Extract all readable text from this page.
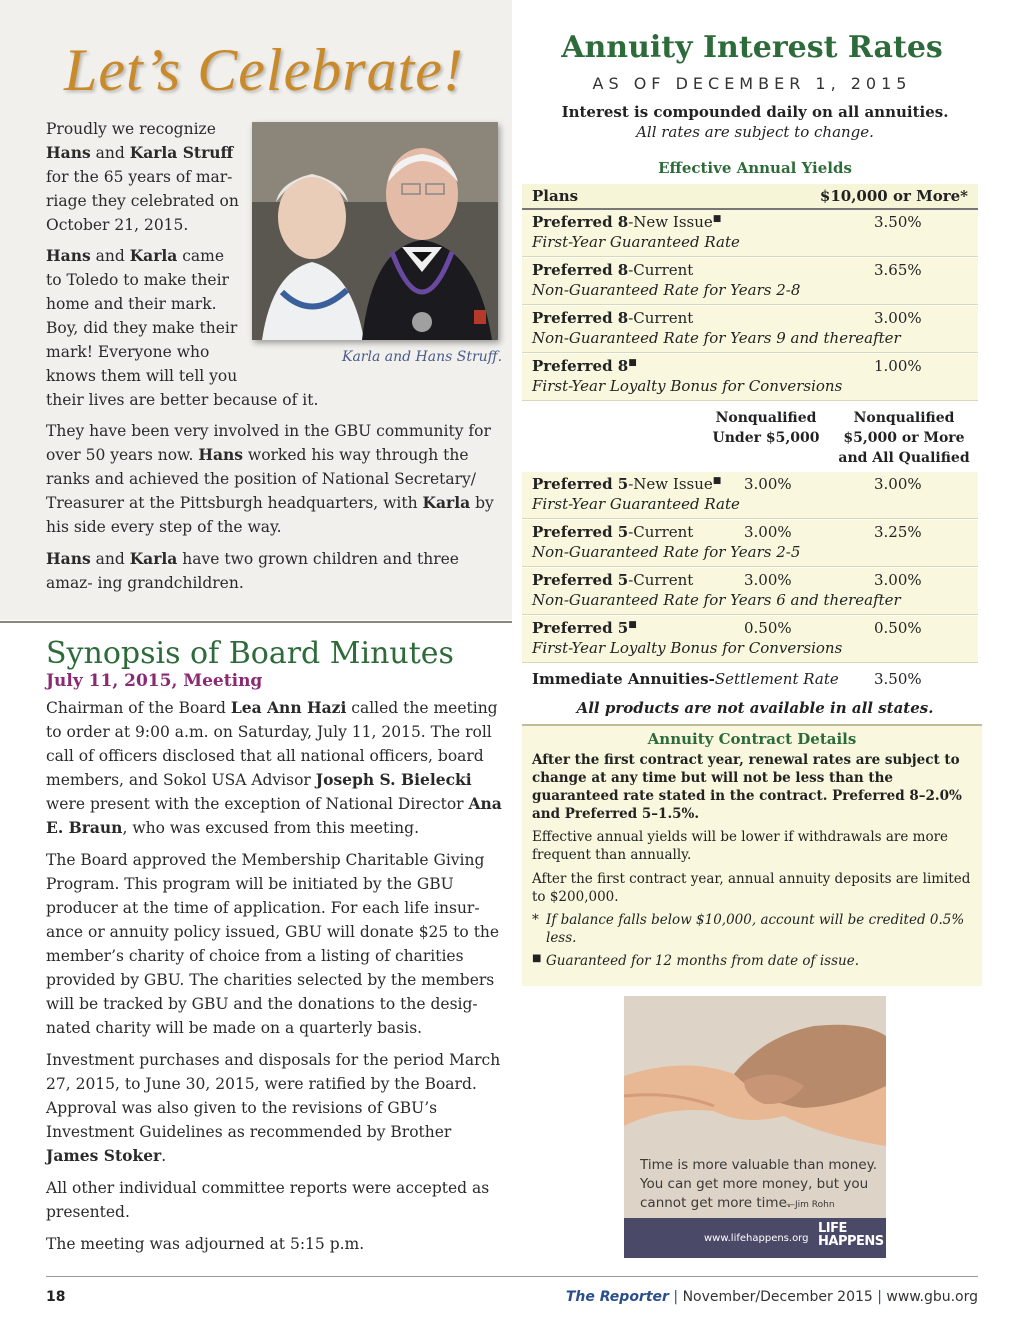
Let’s Celebrate!
Proudly we recognize
Hans and Karla Struff
for the 65 years of mar-
riage they celebrated on
October 21, 2015.
Hans and Karla came
to Toledo to make their
home and their mark.
Boy, did they make their
mark! Everyone who
knows them will tell you
their lives are better because of it.
Karla and Hans Struff.

They have been very involved in the GBU community for over 50 years now. Hans worked his way through the ranks and achieved the position of National Secretary/ Treasurer at the Pittsburgh headquarters, with Karla by his side every step of the way.

Hans and Karla have two grown children and three amaz- ing grandchildren.

Synopsis of Board Minutes
July 11, 2015, Meeting

Chairman of the Board Lea Ann Hazi called the meeting to order at 9:00 a.m. on Saturday, July 11, 2015. The roll call of officers disclosed that all national officers, board members, and Sokol USA Advisor Joseph S. Bielecki were present with the exception of National Director Ana E. Braun, who was excused from this meeting.

The Board approved the Membership Charitable Giving Program. This program will be initiated by the GBU producer at the time of application. For each life insur- ance or annuity policy issued, GBU will donate $25 to the member’s charity of choice from a listing of charities provided by GBU. The charities selected by the members will be tracked by GBU and the donations to the desig- nated charity will be made on a quarterly basis.

Investment purchases and disposals for the period March 27, 2015, to June 30, 2015, were ratified by the Board. Approval was also given to the revisions of GBU’s Investment Guidelines as recommended by Brother James Stoker.

All other individual committee reports were accepted as presented.

The meeting was adjourned at 5:15 p.m.

Annuity Interest Rates
AS OF DECEMBER 1, 2015
Interest is compounded daily on all annuities.
All rates are subject to change.
Effective Annual Yields
Plans	$10,000 or More*
Preferred 8-New Issue■
First-Year Guaranteed Rate
3.50%
Preferred 8-Current
Non-Guaranteed Rate for Years 2-8
3.65%
Preferred 8-Current
Non-Guaranteed Rate for Years 9 and thereafter
3.00%
Preferred 8■
First-Year Loyalty Bonus for Conversions
1.00%
Nonqualified
Under $5,000
Nonqualified
$5,000 or More
and All Qualified
Preferred 5-New Issue■
First-Year Guaranteed Rate
3.00%	3.00%
Preferred 5-Current
Non-Guaranteed Rate for Years 2-5
3.00%	3.25%
Preferred 5-Current
Non-Guaranteed Rate for Years 6 and thereafter
3.00%	3.00%
Preferred 5■
First-Year Loyalty Bonus for Conversions
0.50%	0.50%
Immediate Annuities-Settlement Rate 3.50%
All products are not available in all states.
Annuity Contract Details
After the first contract year, renewal rates are subject to change at any time but will not be less than the guaranteed rate stated in the contract. Preferred 8–2.0% and Preferred 5–1.5%.
Effective annual yields will be lower if withdrawals are more frequent than annually.
After the first contract year, annual annuity deposits are limited to $200,000.
* If balance falls below $10,000, account will be credited 0.5% less.
■ Guaranteed for 12 months from date of issue.
Time is more valuable than money. You can get more money, but you cannot get more time.
—Jim Rohn
www.lifehappens.org
LIFE HAPPENS
18	The Reporter | November/December 2015 | www.gbu.org
